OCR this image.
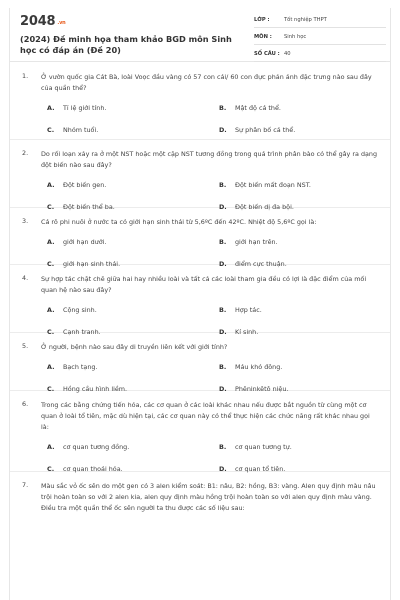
2048 .vn
(2024) Đề minh họa tham khảo BGD môn Sinh học có đáp án (Đề 20)
LỚP :	Tốt nghiệp THPT
MÔN : Sinh học
SỐ CÂU : 40
1. Ở vườn quốc gia Cát Bà, loài Voọc đầu vàng có 57 con cái/ 60 con đực phản ánh đặc trưng nào sau đây của quần thể?
A. Tỉ lệ giới tính.	B. Mật độ cá thể.
C. Nhóm tuổi.	D. Sự phân bố cá thể.
2. Do rối loạn xảy ra ở một NST hoặc một cặp NST tương đồng trong quá trình phân bào có thể gây ra dạng đột biến nào sau đây?
A. Đột biến gen.	B. Đột biến mất đoạn NST.
C. Đột biến thể ba.	D. Đột biến dị đa bội.
3. Cá rô phi nuôi ở nước ta có giới hạn sinh thái từ 5,6ºC đến 42ºC. Nhiệt độ 5,6ºC gọi là:
A. giới hạn dưới.	B. giới hạn trên.
C. giới hạn sinh thái.	D. điểm cực thuận.
4. Sự hợp tác chặt chẽ giữa hai hay nhiều loài và tất cả các loài tham gia đều có lợi là đặc điểm của mối quan hệ nào sau đây?
A. Cộng sinh.	B. Hợp tác.
C. Cạnh tranh.	D. Kí sinh.
5. Ở người, bệnh nào sau đây di truyền liên kết với giới tính?
A. Bạch tạng.	B. Máu khó đông.
C. Hồng cầu hình liềm.	D. Phêninkêtô niệu.
6. Trong các bằng chứng tiến hóa, các cơ quan ở các loài khác nhau nếu được bắt nguồn từ cùng một cơ quan ở loài tổ tiên, mặc dù hiện tại, các cơ quan này có thể thực hiện các chức năng rất khác nhau gọi là:
A. cơ quan tương đồng.	B. cơ quan tương tự.
C. cơ quan thoái hóa.	D. cơ quan tổ tiên.
7. Màu sắc vỏ ốc sên do một gen có 3 alen kiểm soát: B1: nâu, B2: hồng, B3: vàng. Alen quy định màu nâu trội hoàn toàn so với 2 alen kia, alen quy định màu hồng trội hoàn toàn so với alen quy định màu vàng. Điều tra một quần thể ốc sên người ta thu được các số liệu sau:
